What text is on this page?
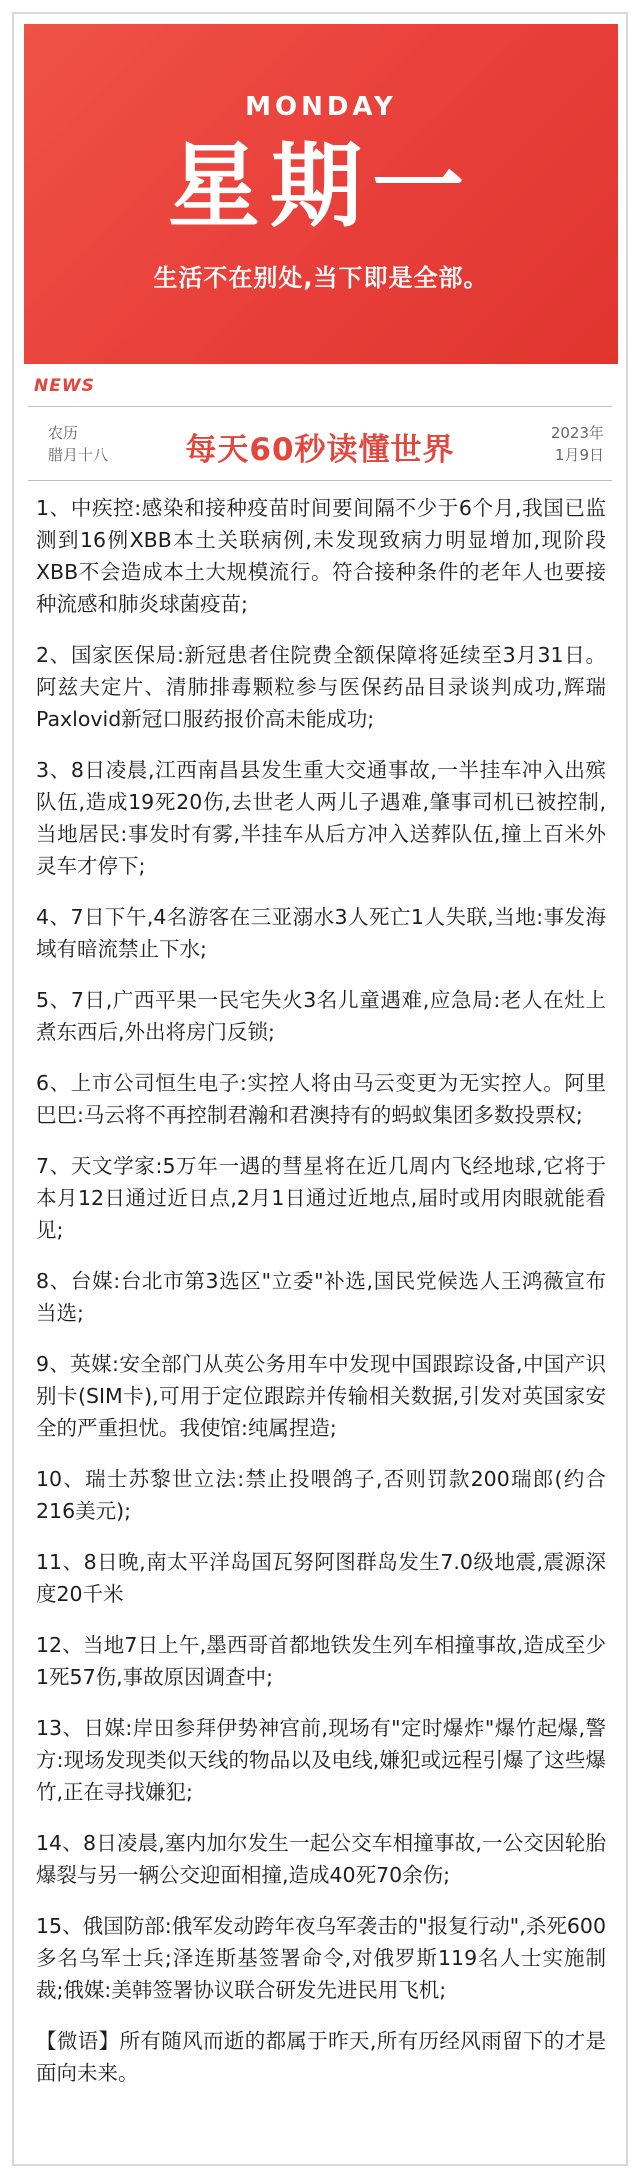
MONDAY
星期一
生活不在别处,当下即是全部。
NEWS
农历
腊月十八	每天60秒读懂世界	2023年
1月9日

1、中疾控:感染和接种疫苗时间要间隔不少于6个月,我国已监测到16例XBB本土关联病例,未发现致病力明显增加,现阶段XBB不会造成本土大规模流行。符合接种条件的老年人也要接种流感和肺炎球菌疫苗;

2、国家医保局:新冠患者住院费全额保障将延续至3月31日。阿兹夫定片、清肺排毒颗粒参与医保药品目录谈判成功,辉瑞Paxlovid新冠口服药报价高未能成功;

3、8日凌晨,江西南昌县发生重大交通事故,一半挂车冲入出殡队伍,造成19死20伤,去世老人两儿子遇难,肇事司机已被控制,当地居民:事发时有雾,半挂车从后方冲入送葬队伍,撞上百米外灵车才停下;

4、7日下午,4名游客在三亚溺水3人死亡1人失联,当地:事发海域有暗流禁止下水;

5、7日,广西平果一民宅失火3名儿童遇难,应急局:老人在灶上煮东西后,外出将房门反锁;

6、上市公司恒生电子:实控人将由马云变更为无实控人。阿里巴巴:马云将不再控制君瀚和君澳持有的蚂蚁集团多数投票权;

7、天文学家:5万年一遇的彗星将在近几周内飞经地球,它将于本月12日通过近日点,2月1日通过近地点,届时或用肉眼就能看见;

8、台媒:台北市第3选区"立委"补选,国民党候选人王鸿薇宣布当选;

9、英媒:安全部门从英公务用车中发现中国跟踪设备,中国产识别卡(SIM卡),可用于定位跟踪并传输相关数据,引发对英国家安全的严重担忧。我使馆:纯属捏造;

10、瑞士苏黎世立法:禁止投喂鸽子,否则罚款200瑞郎(约合216美元);

11、8日晚,南太平洋岛国瓦努阿图群岛发生7.0级地震,震源深度20千米

12、当地7日上午,墨西哥首都地铁发生列车相撞事故,造成至少1死57伤,事故原因调查中;

13、日媒:岸田参拜伊势神宫前,现场有"定时爆炸"爆竹起爆,警方:现场发现类似天线的物品以及电线,嫌犯或远程引爆了这些爆竹,正在寻找嫌犯;

14、8日凌晨,塞内加尔发生一起公交车相撞事故,一公交因轮胎爆裂与另一辆公交迎面相撞,造成40死70余伤;

15、俄国防部:俄军发动跨年夜乌军袭击的"报复行动",杀死600多名乌军士兵;泽连斯基签署命令,对俄罗斯119名人士实施制裁;俄媒:美韩签署协议联合研发先进民用飞机;

【微语】所有随风而逝的都属于昨天,所有历经风雨留下的才是面向未来。
